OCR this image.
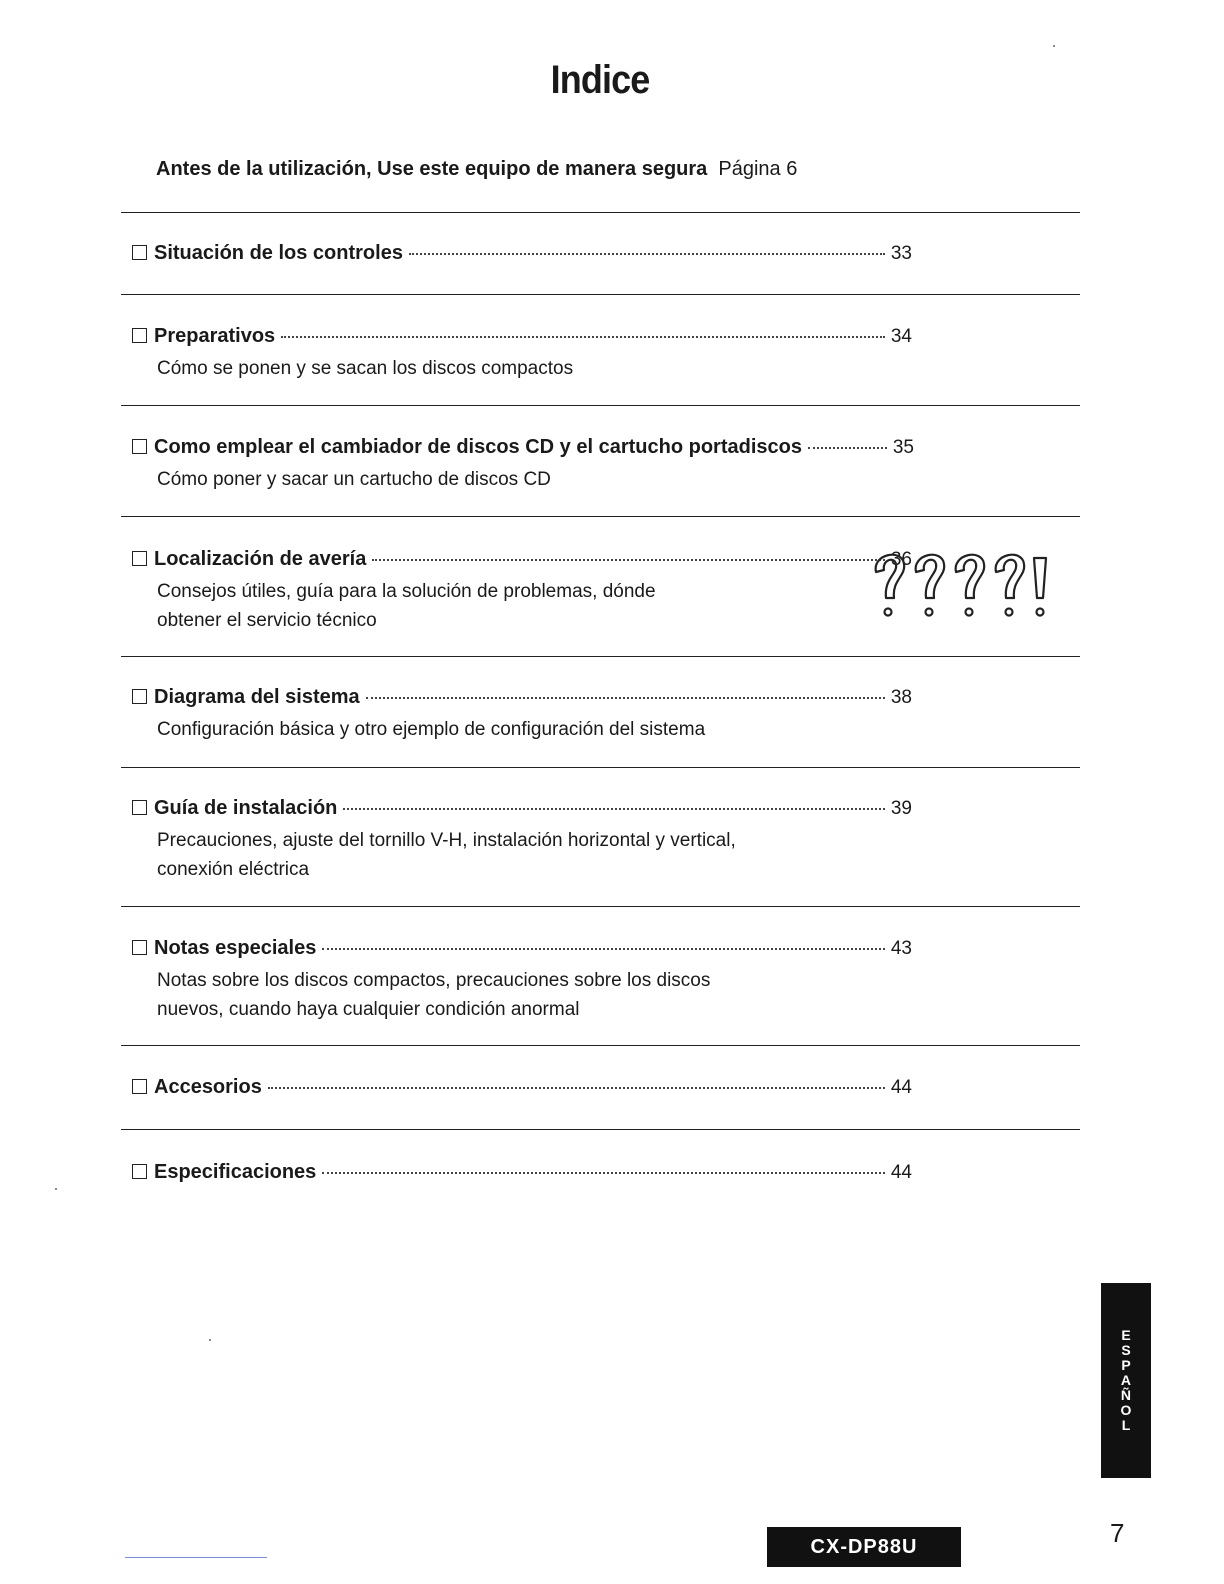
Indice
Antes de la utilización, Use este equipo de manera segura Página 6
Situación de los controles	33
Preparativos	34
Cómo se ponen y se sacan los discos compactos
Como emplear el cambiador de discos CD y el cartucho portadiscos	35
Cómo poner y sacar un cartucho de discos CD
Localización de avería	36
Consejos útiles, guía para la solución de problemas, dónde
obtener el servicio técnico
Diagrama del sistema	38
Configuración básica y otro ejemplo de configuración del sistema
Guía de instalación	39
Precauciones, ajuste del tornillo V-H, instalación horizontal y vertical,
conexión eléctrica
Notas especiales	43
Notas sobre los discos compactos, precauciones sobre los discos
nuevos, cuando haya cualquier condición anormal
Accesorios	44
Especificaciones	44
E
S
P
A
Ñ
O
L
7
CX-DP88U
